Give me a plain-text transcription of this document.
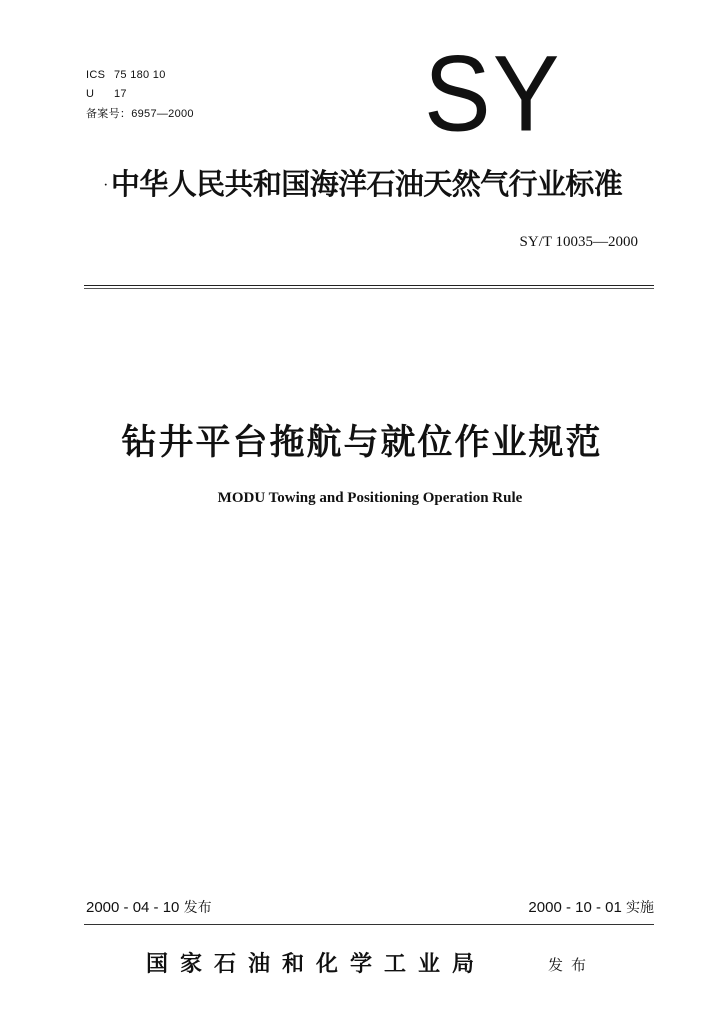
ICS 75 180 10
U 17
备案号：6957—2000 SY
· 中华人民共和国海洋石油天然气行业标准
SY/T 10035—2000
钻井平台拖航与就位作业规范
MODU Towing and Positioning Operation Rule
2000 - 04 - 10 发布	2000 - 10 - 01 实施
国家石油和化学工业局	发布
